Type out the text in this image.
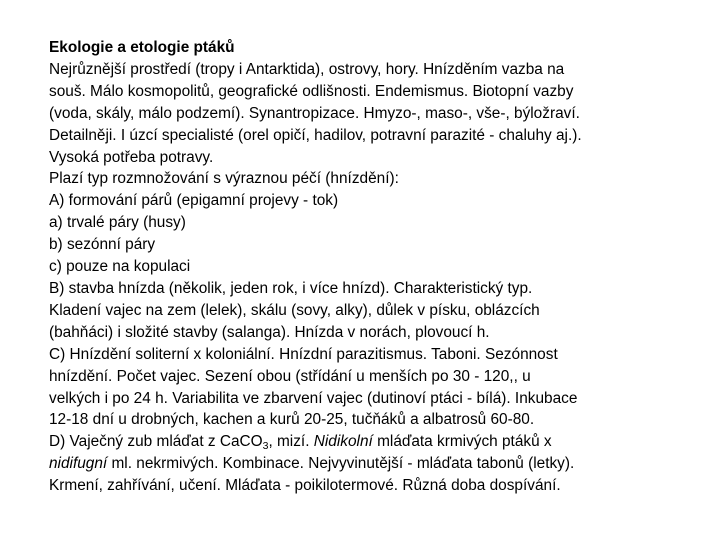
Ekologie a etologie ptáků
Nejrůznější prostředí (tropy i Antarktida), ostrovy, hory. Hnízděním vazba na
souš. Málo kosmopolitů, geografické odlišnosti. Endemismus. Biotopní vazby
(voda, skály, málo podzemí). Synantropizace. Hmyzo-, maso-, vše-, býložraví.
Detailněji. I úzcí specialisté (orel opičí, hadilov, potravní parazité - chaluhy aj.).
Vysoká potřeba potravy.
Plazí typ rozmnožování s výraznou péčí (hnízdění):
A) formování párů (epigamní projevy - tok)
a) trvalé páry (husy)
b) sezónní páry
c) pouze na kopulaci
B) stavba hnízda (několik, jeden rok, i více hnízd). Charakteristický typ.
Kladení vajec na zem (lelek), skálu (sovy, alky), důlek v písku, oblázcích
(bahňáci) i složité stavby (salanga). Hnízda v norách, plovoucí h.
C) Hnízdění soliterní x koloniální. Hnízdní parazitismus. Taboni. Sezónnost
hnízdění. Počet vajec. Sezení obou (střídání u menších po 30 - 120,, u
velkých i po 24 h. Variabilita ve zbarvení vajec (dutinoví ptáci - bílá). Inkubace
12-18 dní u drobných, kachen a kurů 20-25, tučňáků a albatrosů 60-80.
D) Vaječný zub mláďat z CaCO$_3$, mizí. Nidikolní mláďata krmivých ptáků x
nidifugní ml. nekrmivých. Kombinace. Nejvyvinutější - mláďata tabonů (letky).
Krmení, zahřívání, učení. Mláďata - poikilotermové. Různá doba dospívání.
